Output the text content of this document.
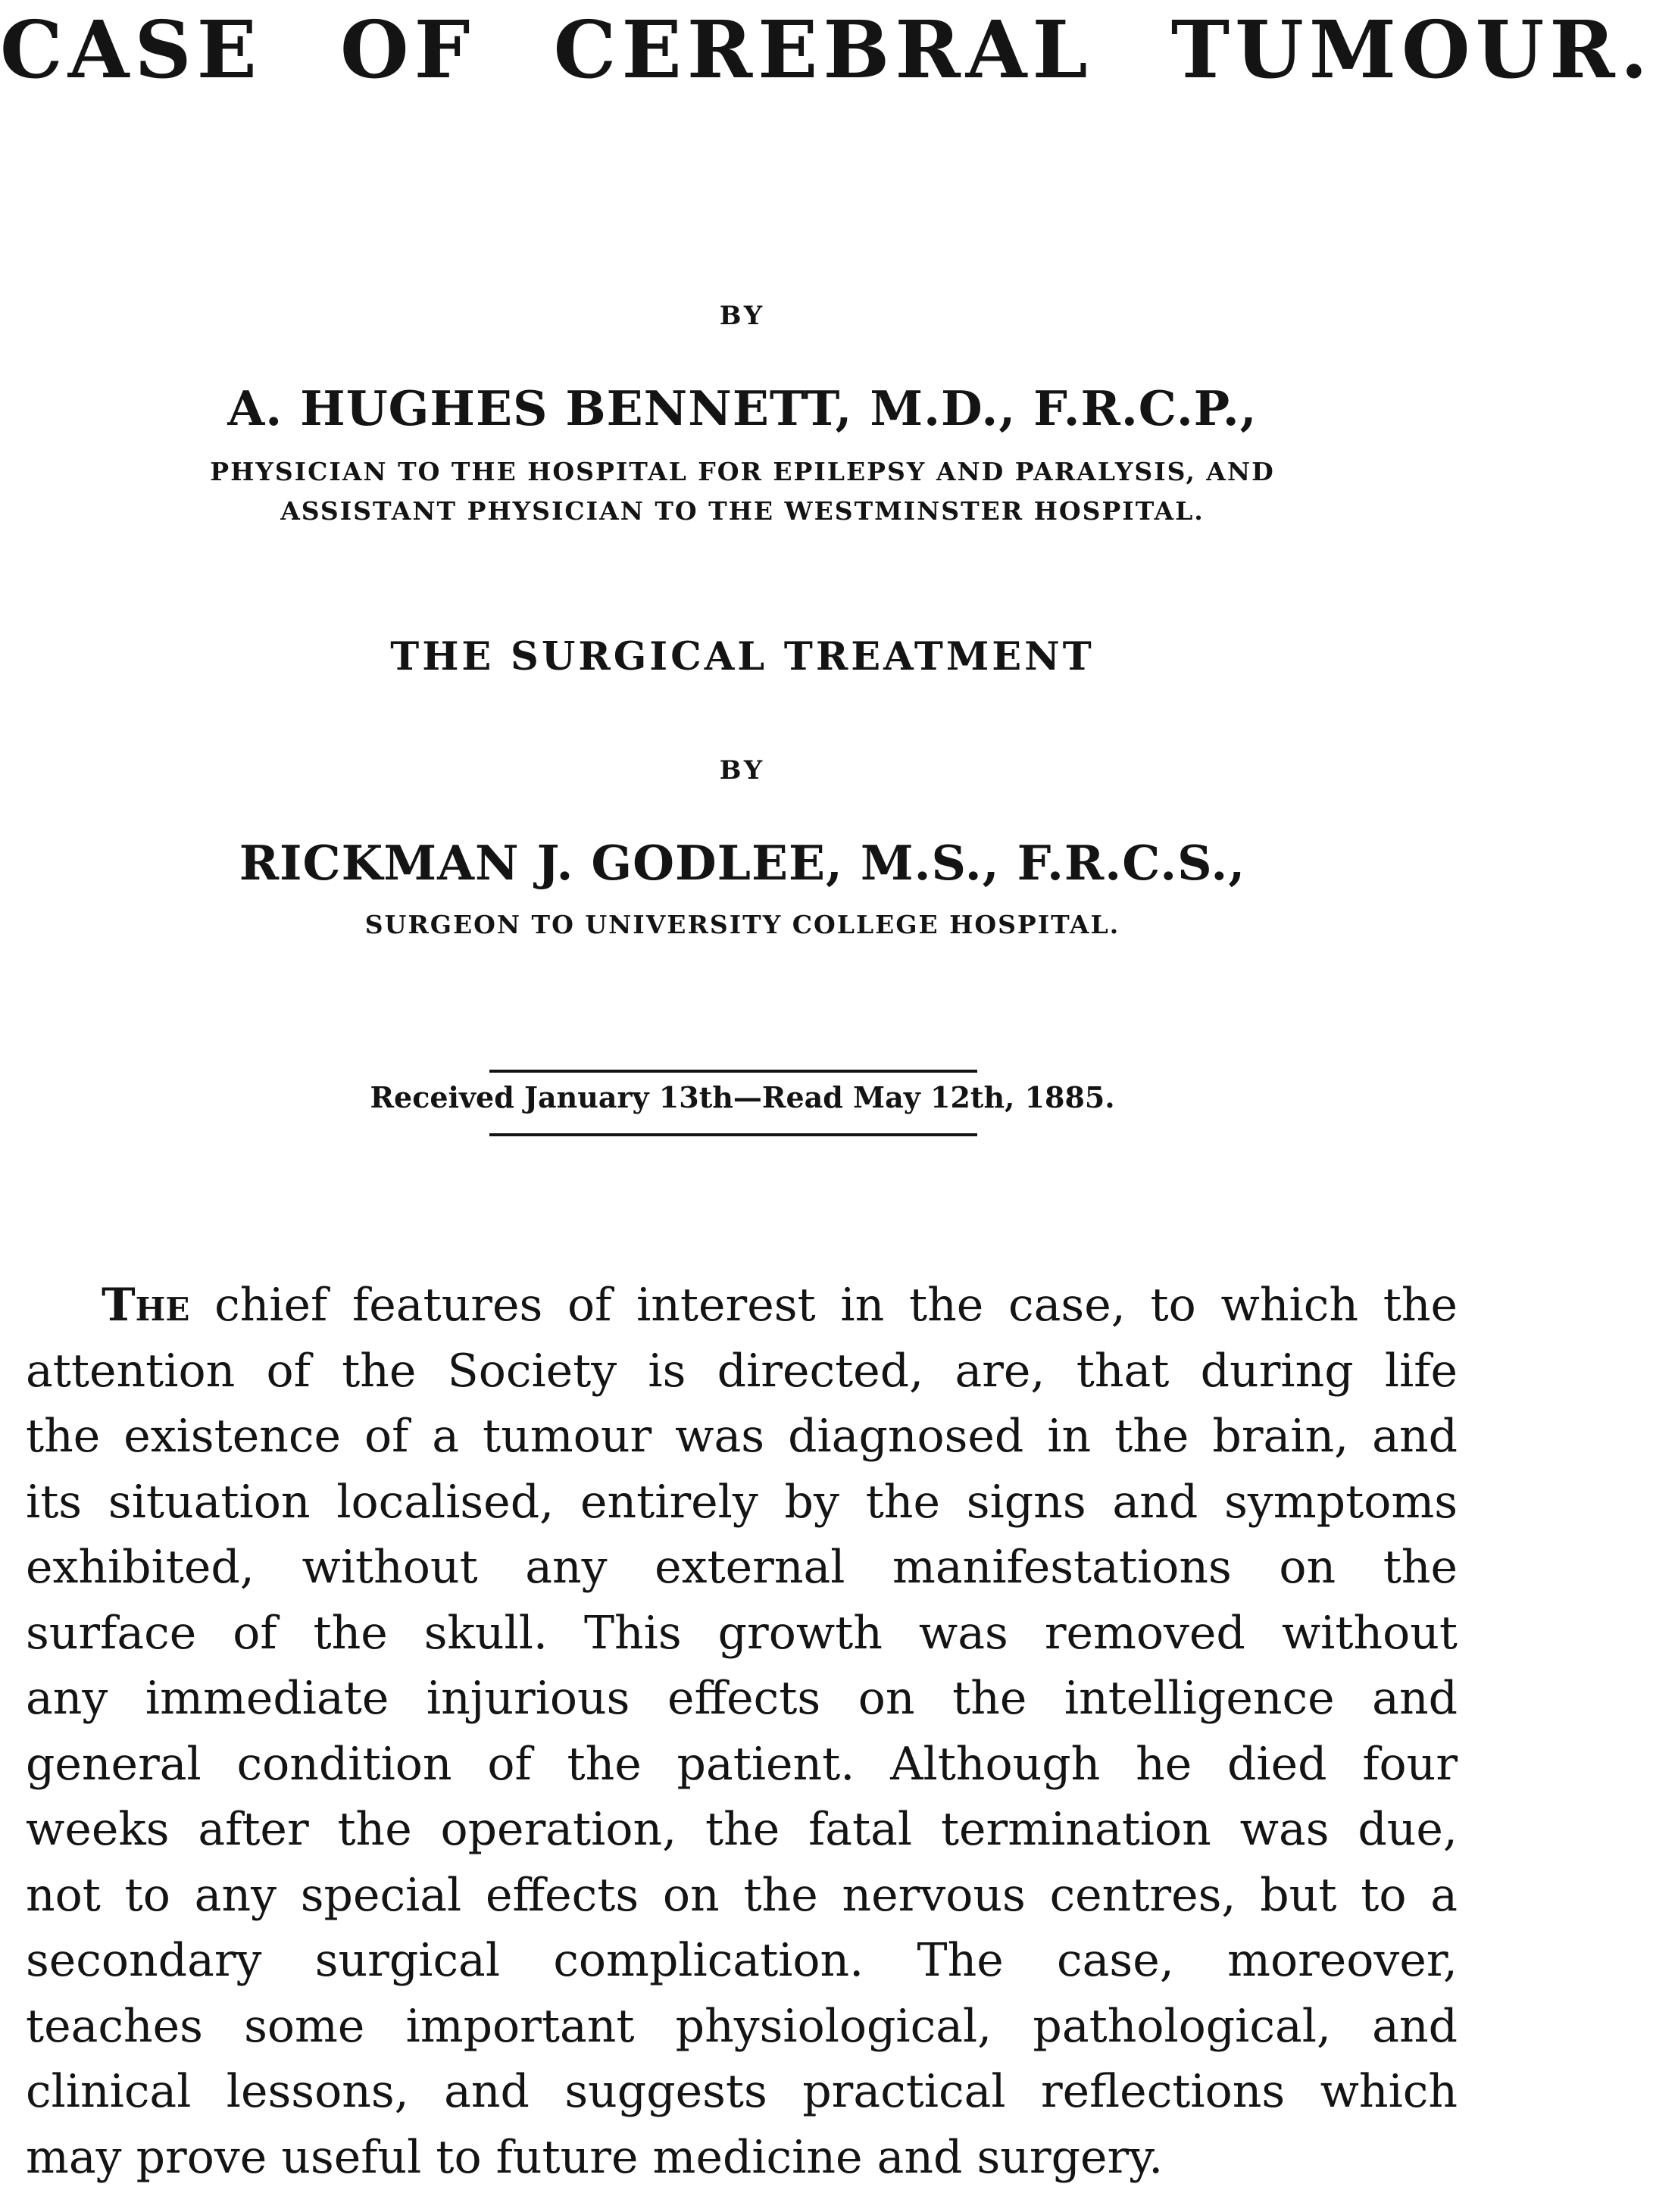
CASE OF CEREBRAL TUMOUR.
BY
A. HUGHES BENNETT, M.D., F.R.C.P.,
PHYSICIAN TO THE HOSPITAL FOR EPILEPSY AND PARALYSIS, AND
ASSISTANT PHYSICIAN TO THE WESTMINSTER HOSPITAL.
THE SURGICAL TREATMENT
BY
RICKMAN J. GODLEE, M.S., F.R.C.S.,
SURGEON TO UNIVERSITY COLLEGE HOSPITAL.
Received January 13th—Read May 12th, 1885.
The chief features of interest in the case, to which the
attention of the Society is directed, are, that during life
the existence of a tumour was diagnosed in the brain, and
its situation localised, entirely by the signs and symptoms
exhibited, without any external manifestations on the
surface of the skull. This growth was removed without
any immediate injurious effects on the intelligence and
general condition of the patient. Although he died four
weeks after the operation, the fatal termination was due,
not to any special effects on the nervous centres, but to a
secondary surgical complication. The case, moreover,
teaches some important physiological, pathological, and
clinical lessons, and suggests practical reflections which
may prove useful to future medicine and surgery.
